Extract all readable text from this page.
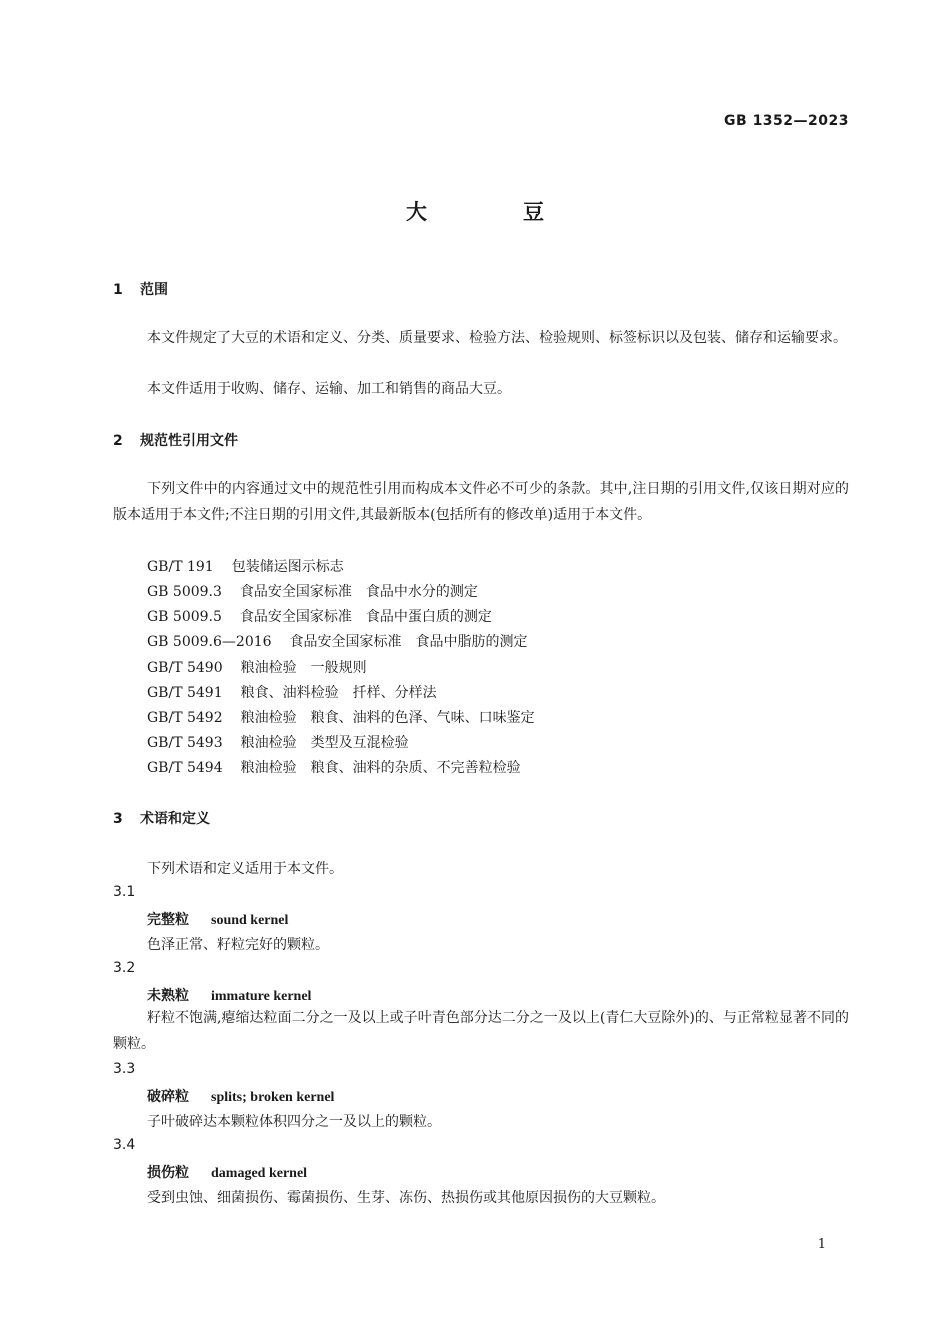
GB 1352—2023
大豆
1 范围
本文件规定了大豆的术语和定义、分类、质量要求、检验方法、检验规则、标签标识以及包装、储存和运输要求。
本文件适用于收购、储存、运输、加工和销售的商品大豆。
2 规范性引用文件
下列文件中的内容通过文中的规范性引用而构成本文件必不可少的条款。其中,注日期的引用文件,仅该日期对应的版本适用于本文件;不注日期的引用文件,其最新版本(包括所有的修改单)适用于本文件。
GB/T 191 包装储运图示标志
GB 5009.3 食品安全国家标准　食品中水分的测定
GB 5009.5 食品安全国家标准　食品中蛋白质的测定
GB 5009.6—2016 食品安全国家标准　食品中脂肪的测定
GB/T 5490 粮油检验　一般规则
GB/T 5491 粮食、油料检验　扦样、分样法
GB/T 5492 粮油检验　粮食、油料的色泽、气味、口味鉴定
GB/T 5493 粮油检验　类型及互混检验
GB/T 5494 粮油检验　粮食、油料的杂质、不完善粒检验
3 术语和定义
下列术语和定义适用于本文件。
3.1
完整粒 sound kernel
色泽正常、籽粒完好的颗粒。
3.2
未熟粒 immature kernel
籽粒不饱满,瘪缩达粒面二分之一及以上或子叶青色部分达二分之一及以上(青仁大豆除外)的、与正常粒显著不同的颗粒。
3.3
破碎粒 splits; broken kernel
子叶破碎达本颗粒体积四分之一及以上的颗粒。
3.4
损伤粒 damaged kernel
受到虫蚀、细菌损伤、霉菌损伤、生芽、冻伤、热损伤或其他原因损伤的大豆颗粒。
1
